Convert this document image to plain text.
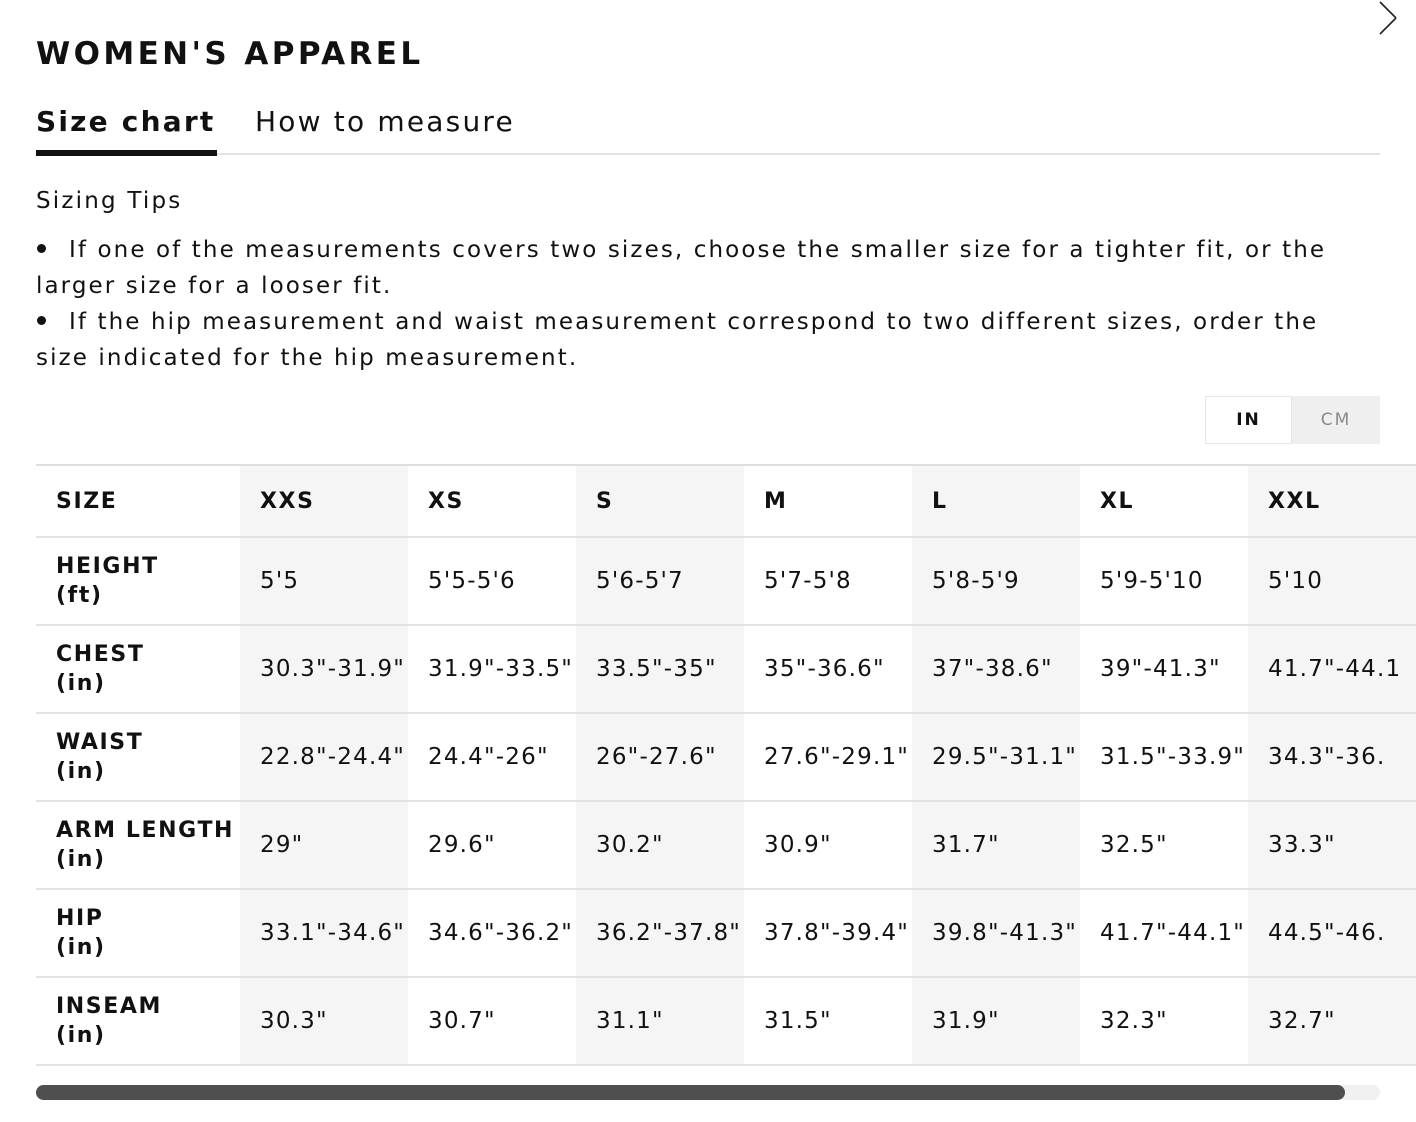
WOMEN'S APPAREL
Size chart How to measure
Sizing Tips
If one of the measurements covers two sizes, choose the smaller size for a tighter fit, or the larger size for a looser fit.
If the hip measurement and waist measurement correspond to two different sizes, order the size indicated for the hip measurement.
IN	CM
SIZE	XXS	XS	S	M	L	XL	XXL
HEIGHT
(ft)	5'5	5'5-5'6	5'6-5'7	5'7-5'8	5'8-5'9	5'9-5'10	5'10
CHEST
(in)	30.3"-31.9"	31.9"-33.5"	33.5"-35"	35"-36.6"	37"-38.6"	39"-41.3"	41.7"-44.1
WAIST
(in)	22.8"-24.4"	24.4"-26"	26"-27.6"	27.6"-29.1"	29.5"-31.1"	31.5"-33.9"	34.3"-36.
ARM LENGTH
(in)	29"	29.6"	30.2"	30.9"	31.7"	32.5"	33.3"
HIP
(in)	33.1"-34.6"	34.6"-36.2"	36.2"-37.8"	37.8"-39.4"	39.8"-41.3"	41.7"-44.1"	44.5"-46.
INSEAM
(in)	30.3"	30.7"	31.1"	31.5"	31.9"	32.3"	32.7"
